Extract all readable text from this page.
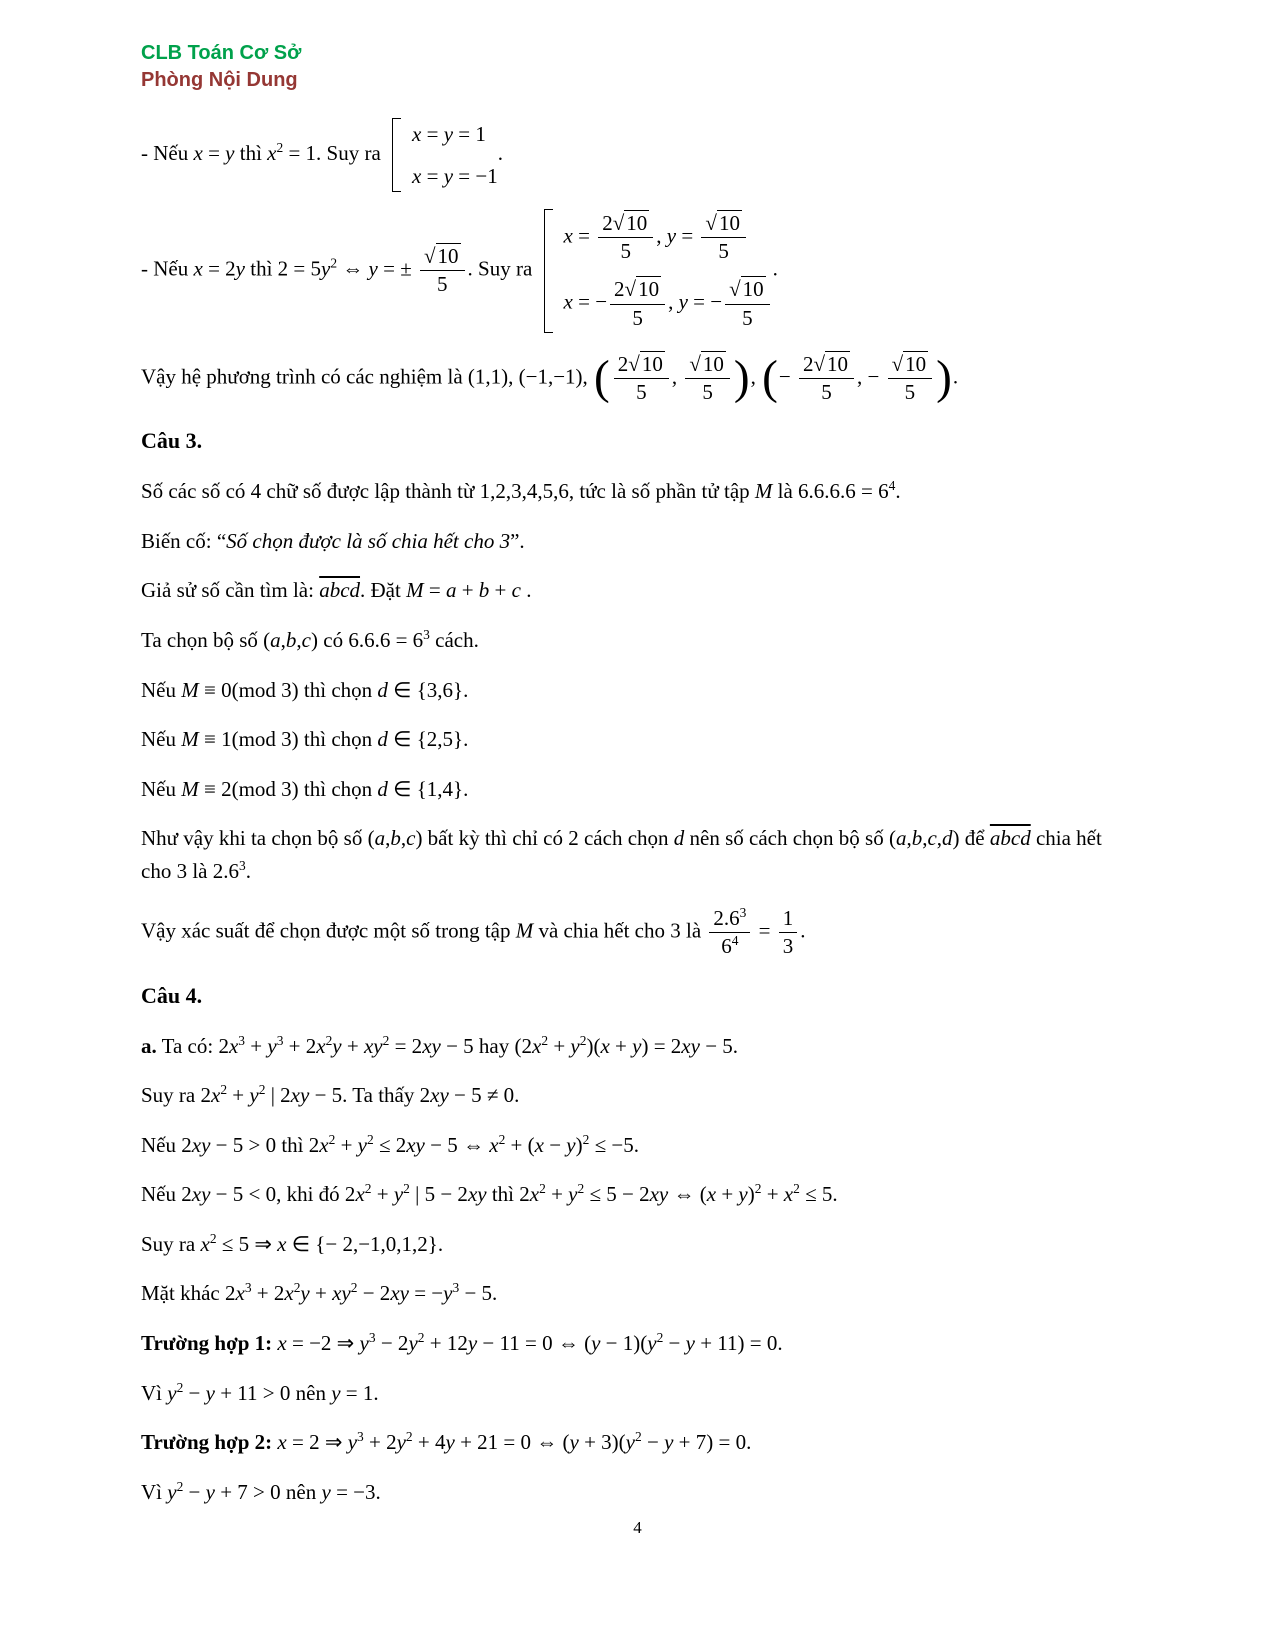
CLB Toán Cơ Sở
Phòng Nội Dung
- Nếu x = y thì $x^2 = 1$. Suy ra
x = y = 1
x = y = −1
.
- Nếu x = 2y thì $2 = 5y^2$ ⇔ y = ± $\frac{√10}{5}$ . Suy ra
$x = \frac{2√10}{5}$ , $y = \frac{√10}{5}$
x = − $\frac{2√10}{5}$ , y = − $\frac{√10}{5}$
.
Vậy hệ phương trình có các nghiệm là (1,1), (−1,−1), ( $\frac{2√10}{5}$ , $\frac{√10}{5}$ ), (− $\frac{2√10}{5}$ , − $\frac{√10}{5}$ ).
Câu 3.
Số các số có 4 chữ số được lập thành từ 1,2,3,4,5,6, tức là số phần tử tập M là $6.6.6.6 = 6^4$.
Biến cố: “Số chọn được là số chia hết cho 3”.
Giả sử số cần tìm là: abcd. Đặt M = a + b + c .
Ta chọn bộ số (a,b,c) có $6.6.6 = 6^3$ cách.
Nếu M ≡ 0(mod 3) thì chọn d ∈ {3,6}.
Nếu M ≡ 1(mod 3) thì chọn d ∈ {2,5}.
Nếu M ≡ 2(mod 3) thì chọn d ∈ {1,4}.
Như vậy khi ta chọn bộ số (a,b,c) bất kỳ thì chỉ có 2 cách chọn d nên số cách chọn bộ số (a,b,c,d) để abcd chia hết cho 3 là $2.6^3$.
Vậy xác suất để chọn được một số trong tập M và chia hết cho 3 là $\frac{2.6^3}{6^4} = \frac{1}{3}$ .
Câu 4.
a. Ta có: $2x^3 + y^3 + 2x^2y + xy^2 = 2xy - 5$ hay $(2x^2 + y^2)(x + y) = 2xy - 5$.
Suy ra $2x^2 + y^2$ | 2xy − 5. Ta thấy 2xy − 5 ≠ 0.
Nếu 2xy − 5 > 0 thì $2x^2 + y^2 \le 2xy - 5$ ⇔ $x^2 + (x - y)^2 \le -5$.
Nếu 2xy − 5 < 0, khi đó $2x^2 + y^2$ | 5 − 2xy thì $2x^2 + y^2 \le 5 - 2xy$ ⇔ $(x + y)^2 + x^2 \le 5$.
Suy ra $x^2 \le 5$ ⇒ x ∈ {− 2,−1,0,1,2}.
Mặt khác $2x^3 + 2x^2y + xy^2 - 2xy = -y^3 - 5$.
Trường hợp 1: x = −2 ⇒ $y^3 - 2y^2 + 12y - 11 = 0$ ⇔ $(y - 1)(y^2 - y + 11) = 0$.
Vì $y^2 - y + 11 > 0$ nên y = 1.
Trường hợp 2: x = 2 ⇒ $y^3 + 2y^2 + 4y + 21 = 0$ ⇔ $(y + 3)(y^2 - y + 7) = 0$.
Vì $y^2 - y + 7 > 0$ nên y = −3.
4
